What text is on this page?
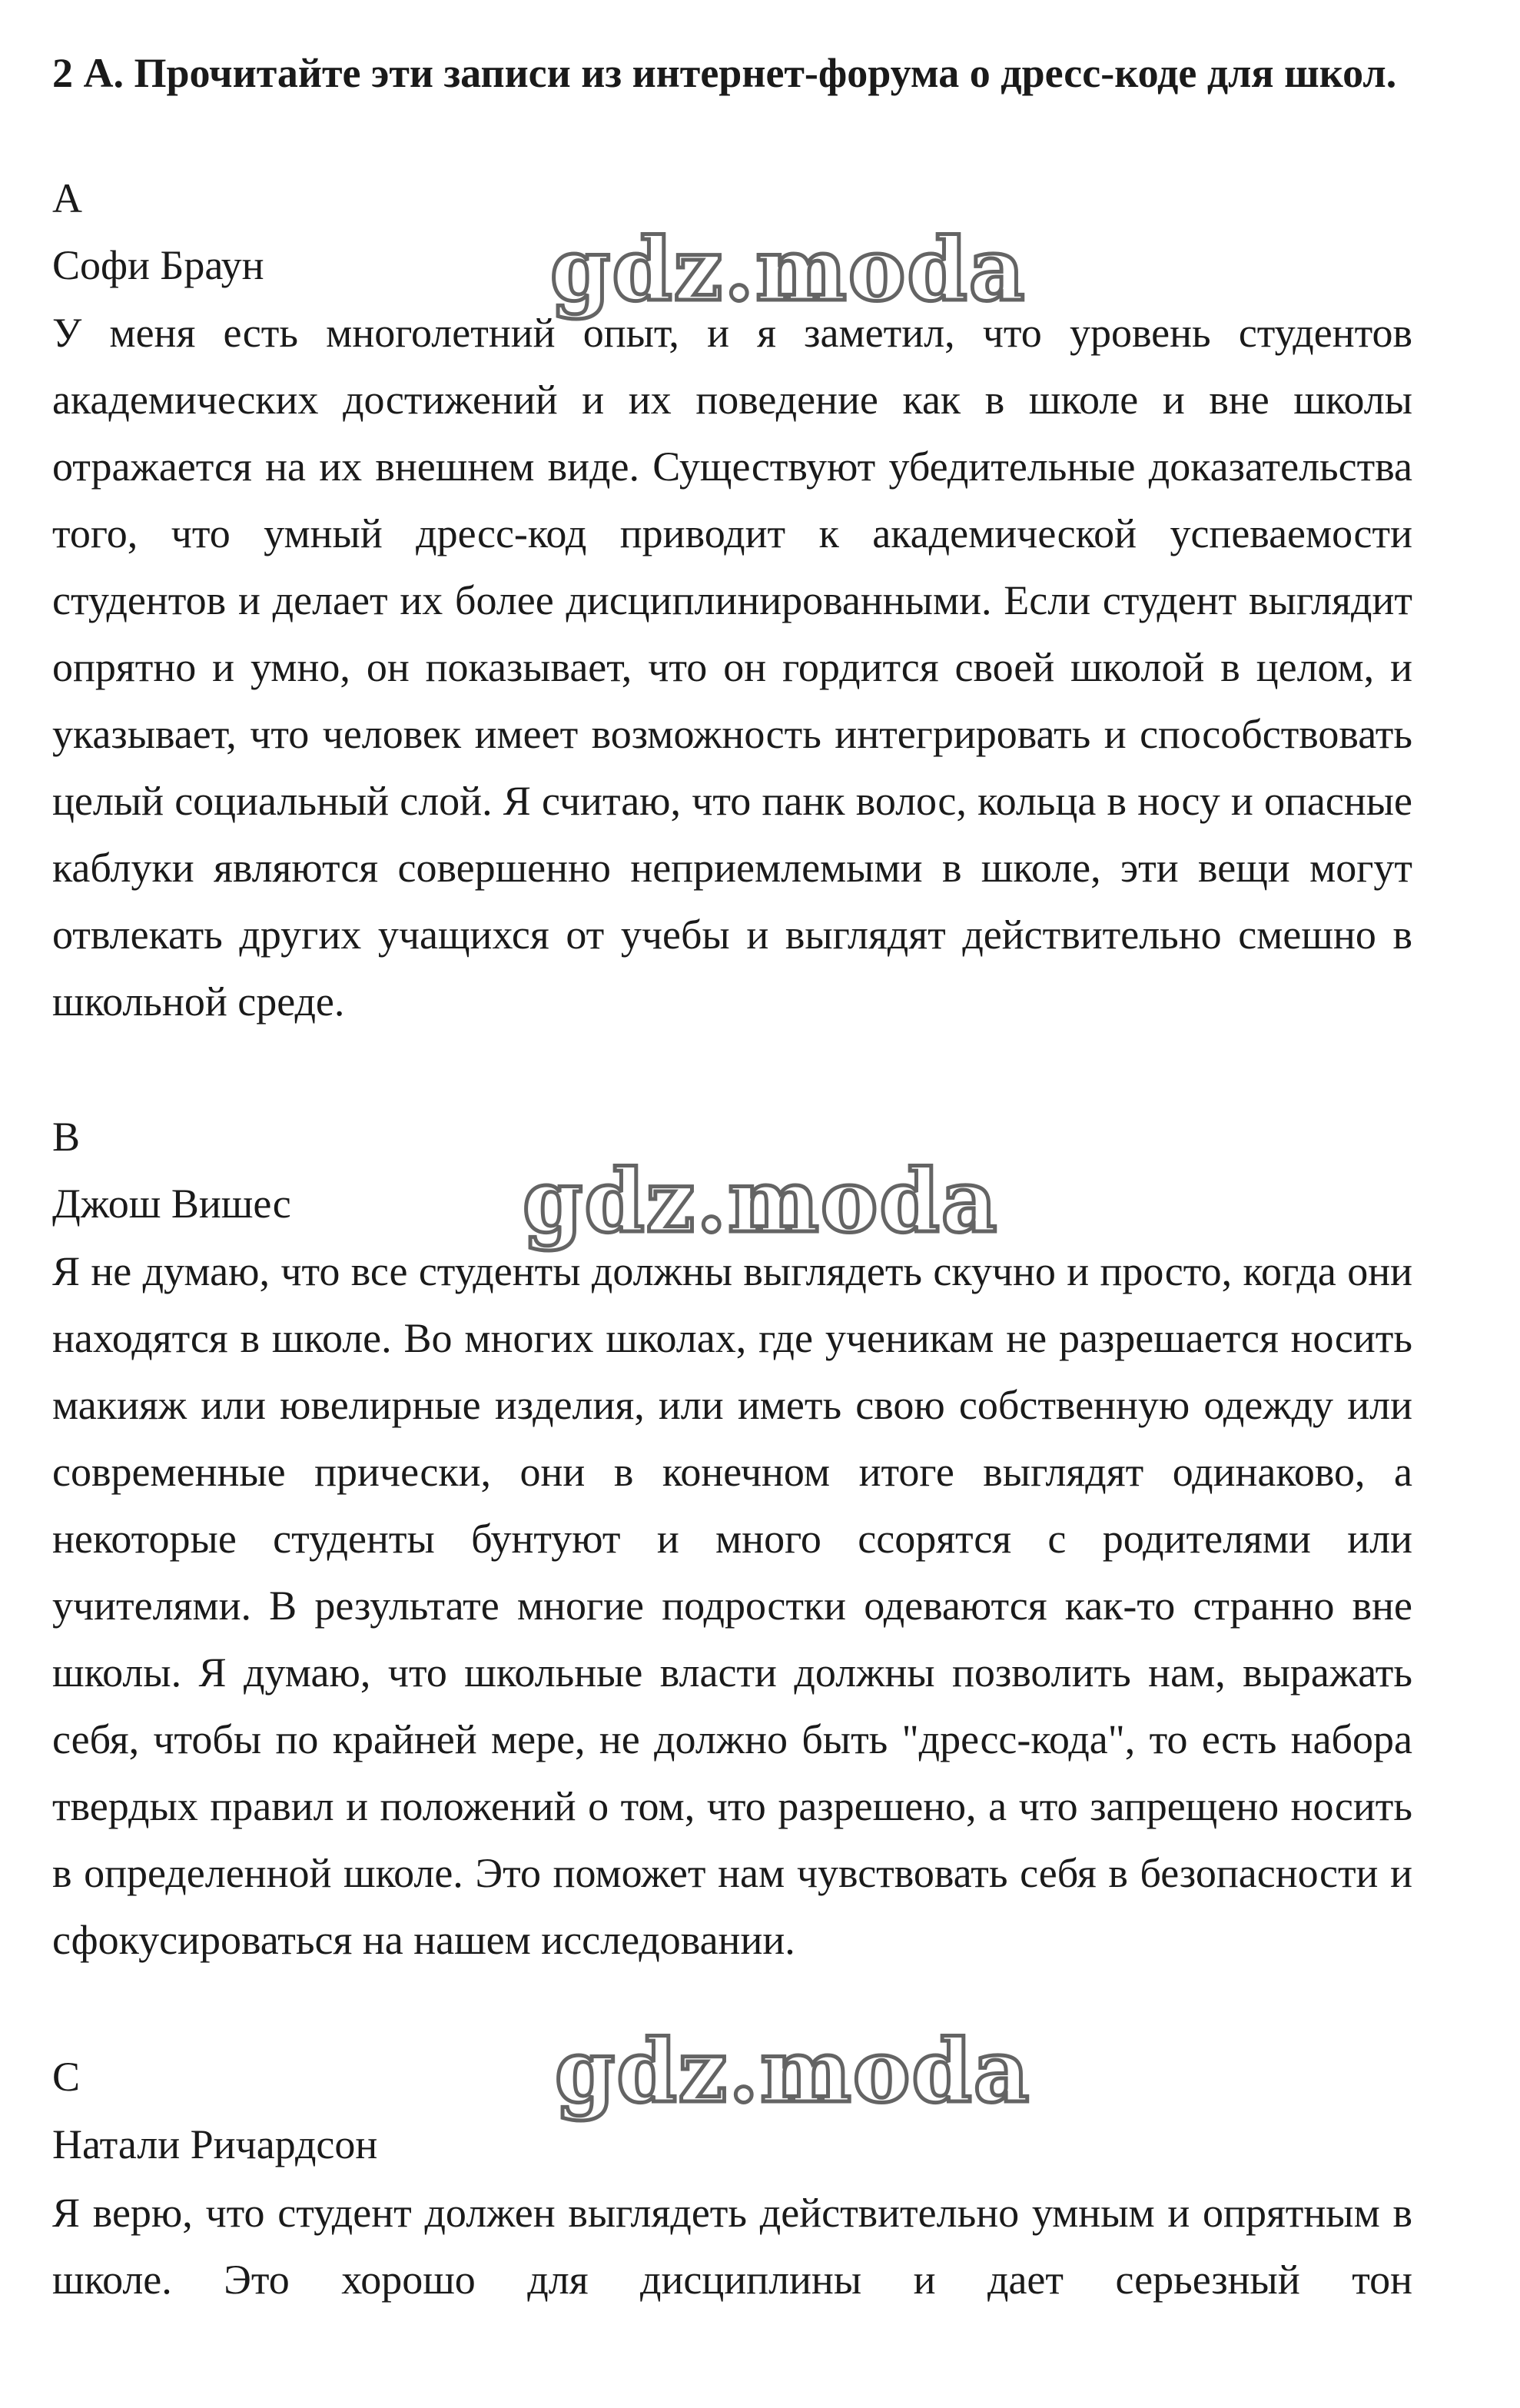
2 А. Прочитайте эти записи из интернет-форума о дресс-коде для школ.

А
Софи Браун

У меня есть многолетний опыт, и я заметил, что уровень студентов академических достижений и их поведение как в школе и вне школы отражается на их внешнем виде. Существуют убедительные доказательства того, что умный дресс-код приводит к академической успеваемости студентов и делает их более дисциплинированными. Если студент выглядит опрятно и умно, он показывает, что он гордится своей школой в целом, и указывает, что человек имеет возможность интегрировать и способствовать целый социальный слой. Я считаю, что панк волос, кольца в носу и опасные каблуки являются совершенно неприемлемыми в школе, эти вещи могут отвлекать других учащихся от учебы и выглядят действительно смешно в школьной среде.

B
Джош Вишес

Я не думаю, что все студенты должны выглядеть скучно и просто, когда они находятся в школе. Во многих школах, где ученикам не разрешается носить макияж или ювелирные изделия, или иметь свою собственную одежду или современные прически, они в конечном итоге выглядят одинаково, а некоторые студенты бунтуют и много ссорятся с родителями или учителями. В результате многие подростки одеваются как-то странно вне школы. Я думаю, что школьные власти должны позволить нам, выражать себя, чтобы по крайней мере, не должно быть "дресс-кода", то есть набора твердых правил и положений о том, что разрешено, а что запрещено носить в определенной школе. Это поможет нам чувствовать себя в безопасности и сфокусироваться на нашем исследовании.

C
Натали Ричардсон

Я верю, что студент должен выглядеть действительно умным и опрятным в школе. Это хорошо для дисциплины и дает серьезный тон

gdz.moda
gdz.moda
gdz.moda
